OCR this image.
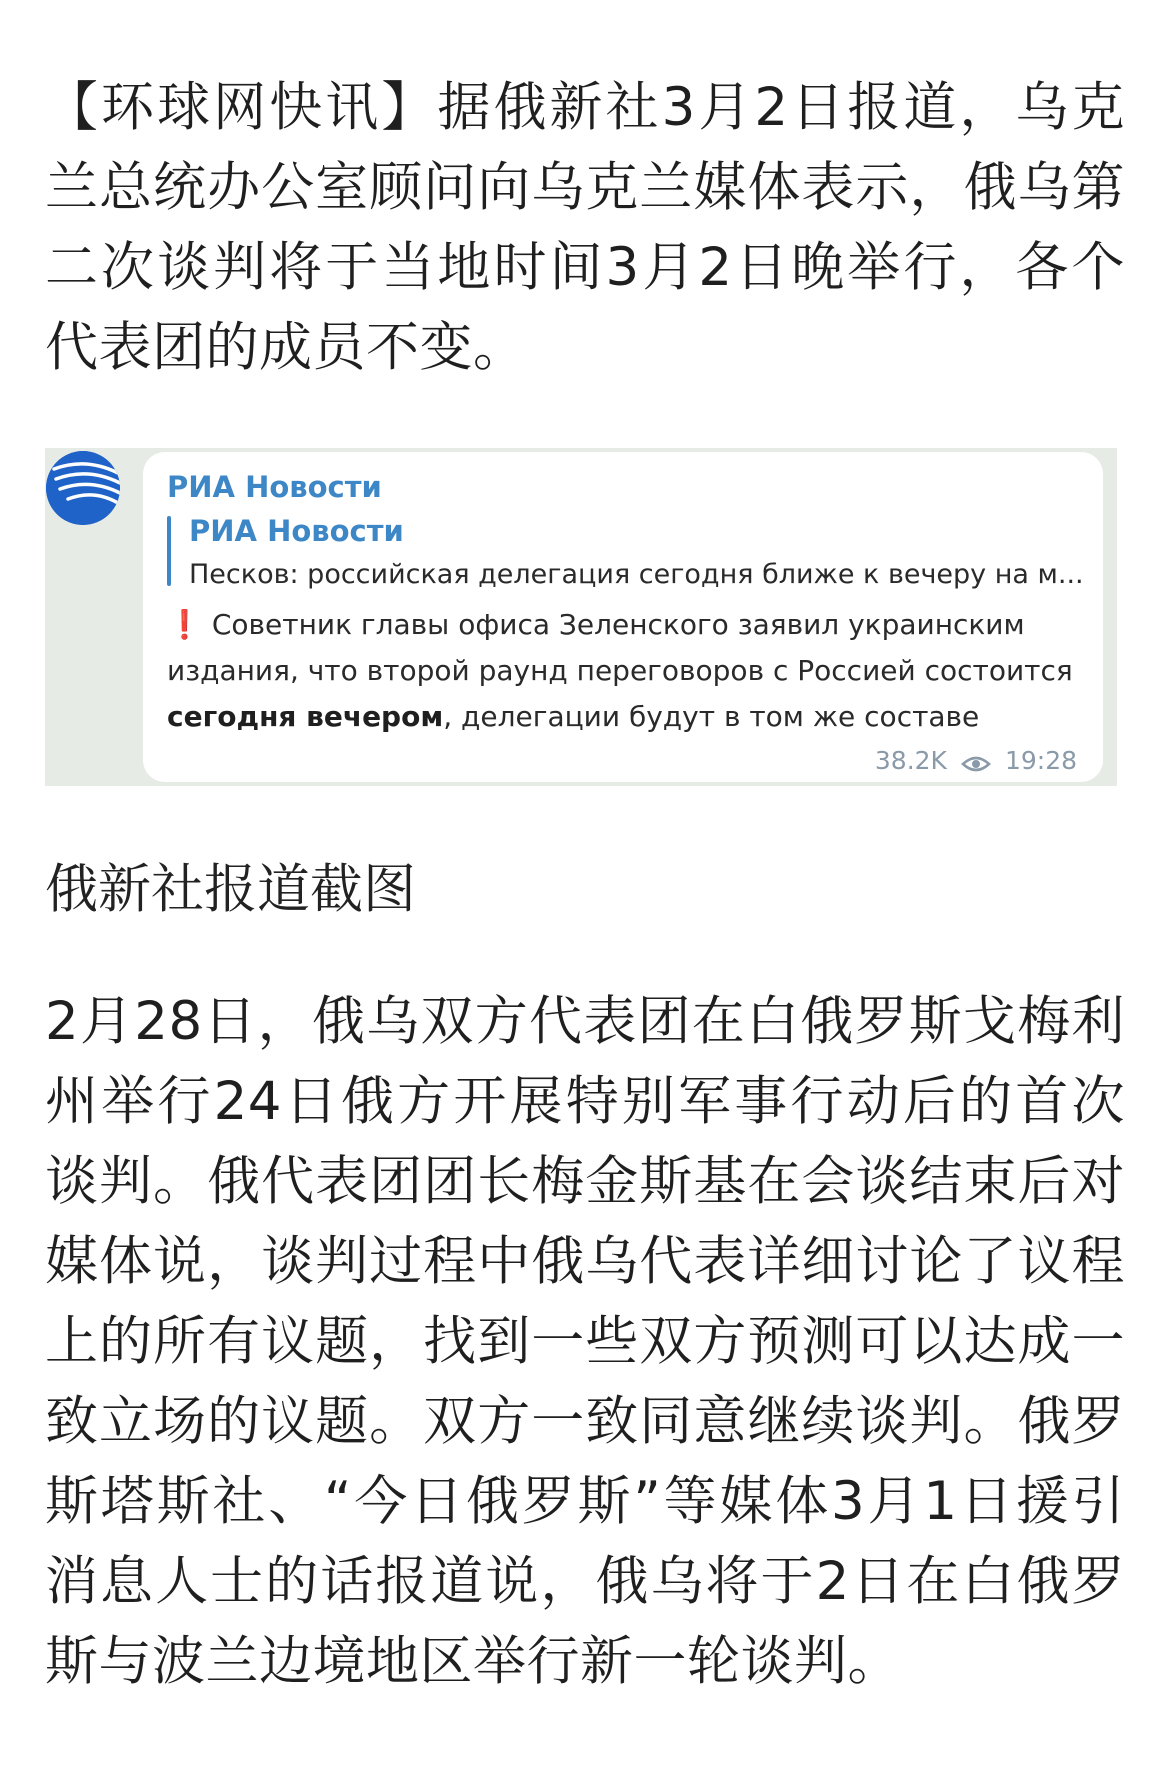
【环球网快讯】据俄新社3月2日报道，乌克兰总统办公室顾问向乌克兰媒体表示，俄乌第二次谈判将于当地时间3月2日晚举行，各个代表团的成员不变。

РИА Новости
РИА Новости
Песков: российская делегация сегодня ближе к вечеру на м...
❗ Советник главы офиса Зеленского заявил украинским издания, что второй раунд переговоров с Россией состоится сегодня вечером, делегации будут в том же составе
38.2K 19:28

俄新社报道截图

2月28日，俄乌双方代表团在白俄罗斯戈梅利州举行24日俄方开展特别军事行动后的首次谈判。俄代表团团长梅金斯基在会谈结束后对媒体说，谈判过程中俄乌代表详细讨论了议程上的所有议题，找到一些双方预测可以达成一致立场的议题。双方一致同意继续谈判。俄罗斯塔斯社、“今日俄罗斯”等媒体3月1日援引消息人士的话报道说，俄乌将于2日在白俄罗斯与波兰边境地区举行新一轮谈判。
